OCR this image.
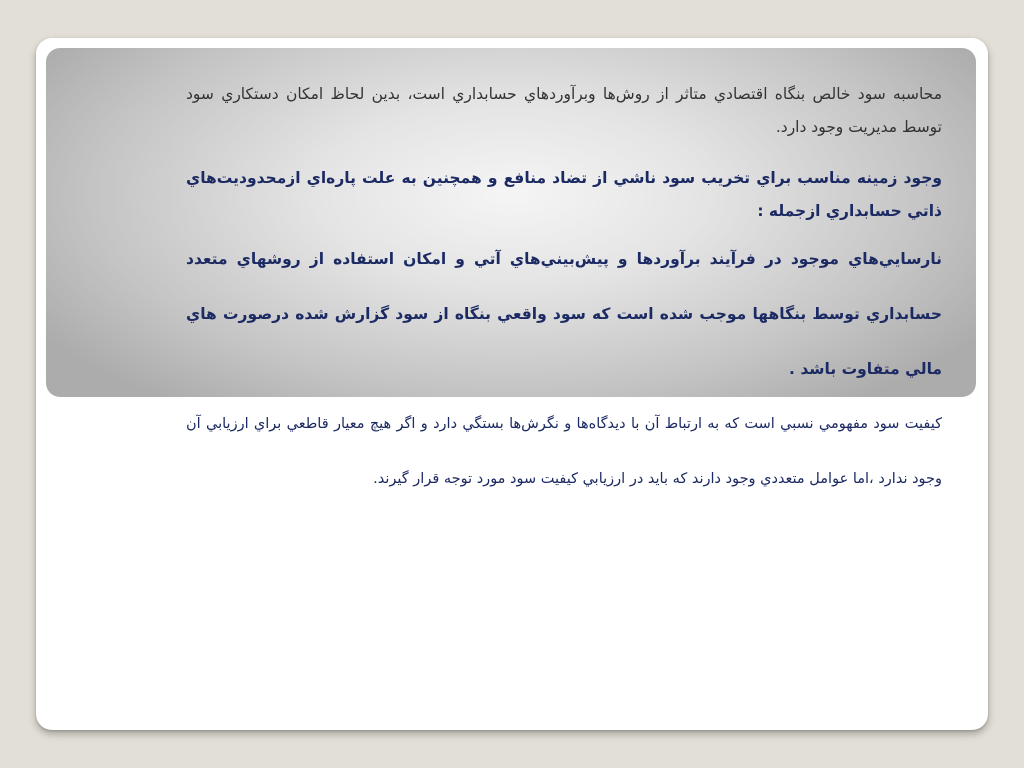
محاسبه سود خالص بنگاه اقتصادي متاثر از روش‌ها وبرآوردهاي حسابداري است، بدين لحاظ امكان دستكاري سود توسط مديريت وجود دارد.

وجود زمينه مناسب براي تخريب سود ناشي از تضاد منافع و همچنين به علت پاره‌اي ازمحدوديت‌هاي ذاتي حسابداري ازجمله :

نارسايي‌هاي موجود در فرآيند برآوردها و پيش‌بيني‌هاي آتي و امكان استفاده از روشهاي متعدد حسابداري توسط بنگاهها موجب شده است كه سود واقعي بنگاه از سود گزارش شده درصورت هاي مالي متفاوت باشد .

كيفيت سود مفهومي نسبي است كه به ارتباط آن با ديدگاه‌ها و نگرش‌ها بستگي دارد و اگر هيچ معيار قاطعي براي ارزيابي آن وجود ندارد ،اما عوامل متعددي وجود دارند كه بايد در ارزيابي كيفيت سود مورد توجه قرار گيرند.
